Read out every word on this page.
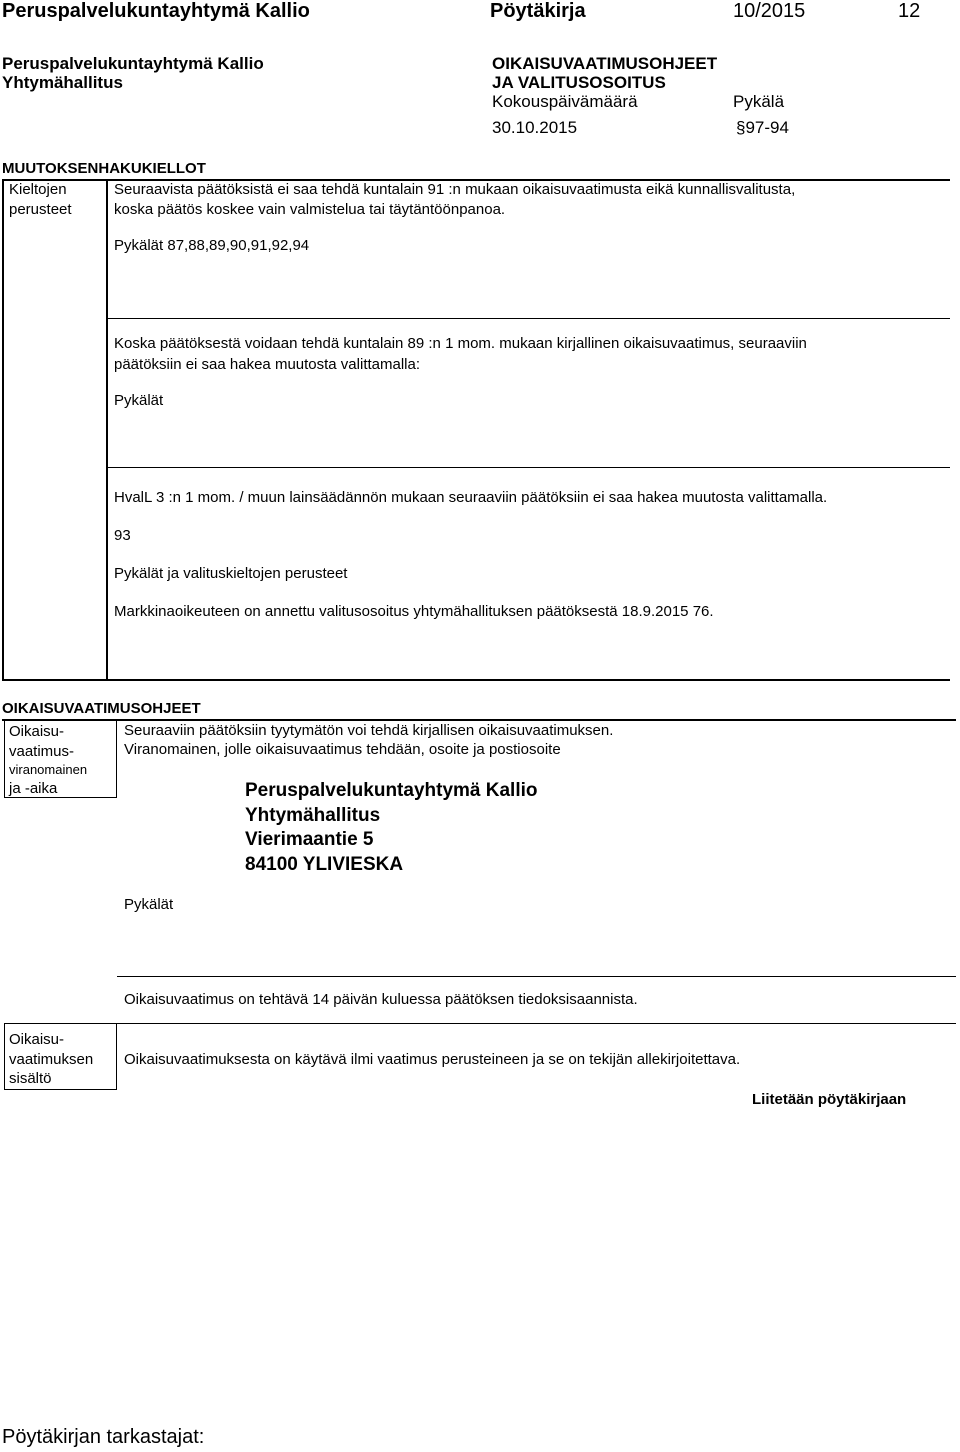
Peruspalvelukuntayhtymä Kallio	Pöytäkirja	10/2015	12
Peruspalvelukuntayhtymä Kallio
Yhtymähallitus
OIKAISUVAATIMUSOHJEET
JA VALITUSOSOITUS
Kokouspäivämäärä	Pykälä
30.10.2015	§97-94
MUUTOKSENHAKUKIELLOT
Kieltojen
perusteet
Seuraavista päätöksistä ei saa tehdä kuntalain 91 :n mukaan oikaisuvaatimusta eikä kunnallisvalitusta,
koska päätös koskee vain valmistelua tai täytäntöönpanoa.
Pykälät 87,88,89,90,91,92,94
Koska päätöksestä voidaan tehdä kuntalain 89 :n 1 mom. mukaan kirjallinen oikaisuvaatimus, seuraaviin
päätöksiin ei saa hakea muutosta valittamalla:
Pykälät
HvalL 3 :n 1 mom. / muun lainsäädännön mukaan seuraaviin päätöksiin ei saa hakea muutosta valittamalla.
93
Pykälät ja valituskieltojen perusteet
Markkinaoikeuteen on annettu valitusosoitus yhtymähallituksen päätöksestä 18.9.2015 76.
OIKAISUVAATIMUSOHJEET
Oikaisu-
vaatimus-
viranomainen
ja -aika
Seuraaviin päätöksiin tyytymätön voi tehdä kirjallisen oikaisuvaatimuksen.
Viranomainen, jolle oikaisuvaatimus tehdään, osoite ja postiosoite
Peruspalvelukuntayhtymä Kallio
Yhtymähallitus
Vierimaantie 5
84100 YLIVIESKA
Pykälät
Oikaisuvaatimus on tehtävä 14 päivän kuluessa päätöksen tiedoksisaannista.
Oikaisu-
vaatimuksen
sisältö
Oikaisuvaatimuksesta on käytävä ilmi vaatimus perusteineen ja se on tekijän allekirjoitettava.
Liitetään pöytäkirjaan
Pöytäkirjan tarkastajat:
